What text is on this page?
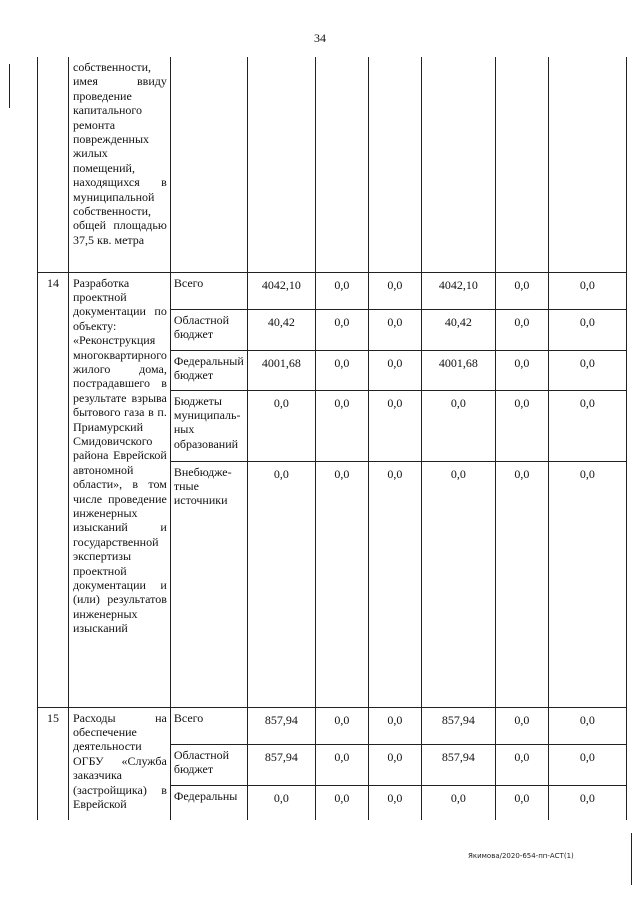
34
	собственности, имея ввиду проведение капитального ремонта поврежденных жилых помещений, находящихся в муниципальной собственности, общей площадью 37,5 кв. метра							
14	Разработка проектной документации по объекту: «Реконструкция многоквартирного жилого дома, пострадавшего в результате взрыва бытового газа в п. Приамурский Смидовичского района Еврейской автономной области», в том числе проведение инженерных изысканий и государственной экспертизы проектной документации и (или) результатов инженерных изысканий	Всего	4042,10	0,0	0,0	4042,10	0,0	0,0
		Областной бюджет	40,42	0,0	0,0	40,42	0,0	0,0
		Федеральный бюджет	4001,68	0,0	0,0	4001,68	0,0	0,0
		Бюджеты муниципаль-ных образований	0,0	0,0	0,0	0,0	0,0	0,0
		Внебюдже-тные источники	0,0	0,0	0,0	0,0	0,0	0,0
15	Расходы на обеспечение деятельности ОГБУ «Служба заказчика (застройщика) в Еврейской	Всего	857,94	0,0	0,0	857,94	0,0	0,0
		Областной бюджет	857,94	0,0	0,0	857,94	0,0	0,0
		Федеральны	0,0	0,0	0,0	0,0	0,0	0,0
Якимова/2020-654-пп-АСТ(1)
